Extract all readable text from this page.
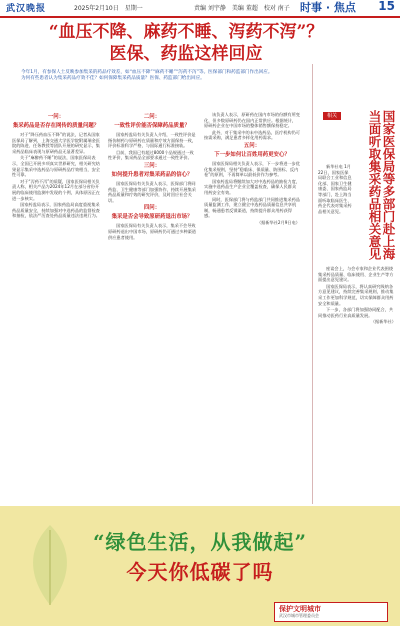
武汉晚报	2025年2月10日　星期一	责编 刘宇静　美编 董超　校对 南子 时事 · 焦点 15
“血压不降、麻药不睡、泻药不泻”？
医保、药监这样回应

今年1月，有参保人士反映参加集采的药品疗效差，如“血压不降”“麻药不睡”“泻药不泻”等。医保部门和药监部门作出回应。

为何有些患者认为集采药品疗效不佳？如何保障集采药品质量？医保、药监部门给出回应。

一问：

集采药品是否存在网传的质量问题？

对于“降压药血压不降”的说法，记者从国家医保局了解到，上海交通大学医学院附属瑞金医院的陈进、任务教授等团队开展的研究显示，集采药品临床表现与原研药品无显著差异。

关于“麻醉药不睡”的说法，国家医保局表示，全国已开展多项真实世界研究，相关研究结果显示集采中选药品与原研药品疗效相当，安全性可靠。

对于“泻药不泻”的质疑，国家医保局相关负责人称，相关产品为2024年12月在部分省份开展的临床使用监测中发现的个例，具体原因正在进一步核实。

国家药监局表示，国家药监局高度重视集采药品质量安全，持续加强对中选药品的监督检查和抽检，依法严厉查处药品质量违法违规行为。

二问：

一致性评价能否保障药品质量？

国家药监局有关负责人介绍，一致性评价是指仿制药与原研药在质量和疗效方面保持一致，评价标准科学严格，与国际通行标准接轨。

目前，我国已有超过8000个品规通过一致性评价，集采药品全部要求通过一致性评价。

三问：

如何提升患者对集采药品的信心？

国家医保局有关负责人表示，医保部门将同药监、卫生健康等部门加强协作，持续开展集采药品质量和疗效的研究评价，及时回应社会关切。

四问：

集采是否会导致原研药退出市场？

国家医保局有关负责人表示，集采不会导致原研药退出中国市场，原研药仍可通过多种渠道供应患者使用。

该负责人表示，原研药在国内市场的份额有所变化，但多数原研药仍在国内正常供应。根据统计，原研药企业在中国市场的整体销售额保持稳定。

此外，对于集采中的未中选药品，医疗机构仍可按需采购，满足患者多样化用药需求。

五问：

下一步如何让百姓用药更安心？

国家医保局相关负责人表示，下一步将进一步优化集采规则，坚持“稳临床、保质量、防围标、反内卷”的原则，不再简单以最低价作为参考。

国家药监局将继续加大对中选药品的抽检力度，实施中选药品生产企业全覆盖检查，确保人民群众用药安全有效。

同时，医保部门将与药监部门共同推进集采药品质量监测工作，建立健全中选药品质量信息共享机制，畅通患者反馈渠道，持续提升群众用药获得感。

（据新华社2月9日电）

相关	国家医保局等多部门赴上海当面听取集采药品相关意见

新华社电 1月22日，国家医保局联合工业和信息化部、国家卫生健康委、国家药监局等部门，赴上海当面听取临床医生、药企代表对集采药品相关意见。

座谈会上，与会专家和企业代表围绕集采药品质量、临床使用、企业生产等方面提出意见建议。

国家医保局表示，将认真研究吸纳各方意见建议，持续完善集采规则，推动集采工作更加科学规范，切实保障群众用药安全和质量。

下一步，各部门将加强协同配合，共同推动医药行业高质量发展。

（据新华社）

“绿色生活，从我做起”
今天你低碳了吗
保护文明城市
武汉市城市管理委员会
